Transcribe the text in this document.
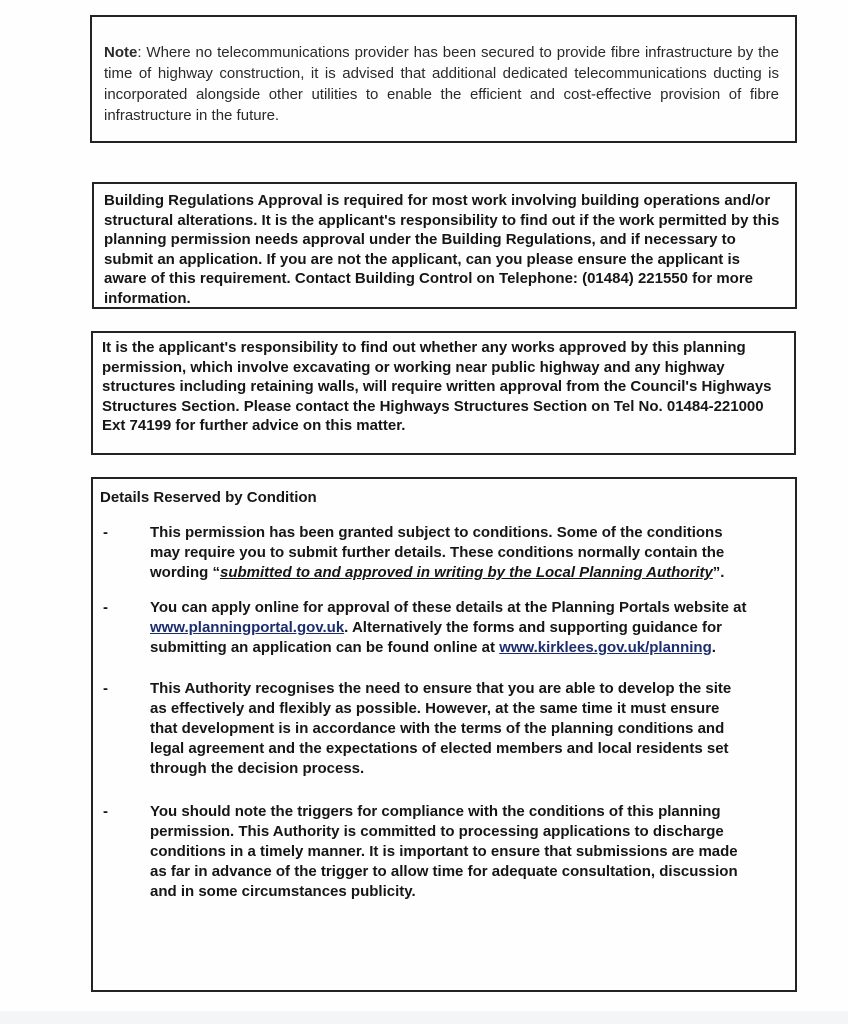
Note: Where no telecommunications provider has been secured to provide fibre infrastructure by the time of highway construction, it is advised that additional dedicated telecommunications ducting is incorporated alongside other utilities to enable the efficient and cost-effective provision of fibre infrastructure in the future.

Building Regulations Approval is required for most work involving building operations and/or structural alterations. It is the applicant's responsibility to find out if the work permitted by this planning permission needs approval under the Building Regulations, and if necessary to submit an application. If you are not the applicant, can you please ensure the applicant is aware of this requirement. Contact Building Control on Telephone: (01484) 221550 for more information.

It is the applicant's responsibility to find out whether any works approved by this planning permission, which involve excavating or working near public highway and any highway structures including retaining walls, will require written approval from the Council's Highways Structures Section. Please contact the Highways Structures Section on Tel No. 01484-221000 Ext 74199 for further advice on this matter.

Details Reserved by Condition
-	This permission has been granted subject to conditions. Some of the conditions may require you to submit further details. These conditions normally contain the wording “submitted to and approved in writing by the Local Planning Authority”.
-	You can apply online for approval of these details at the Planning Portals website at www.planningportal.gov.uk. Alternatively the forms and supporting guidance for submitting an application can be found online at www.kirklees.gov.uk/planning.
-	This Authority recognises the need to ensure that you are able to develop the site as effectively and flexibly as possible. However, at the same time it must ensure that development is in accordance with the terms of the planning conditions and legal agreement and the expectations of elected members and local residents set through the decision process.
-	You should note the triggers for compliance with the conditions of this planning permission. This Authority is committed to processing applications to discharge conditions in a timely manner. It is important to ensure that submissions are made as far in advance of the trigger to allow time for adequate consultation, discussion and in some circumstances publicity.
